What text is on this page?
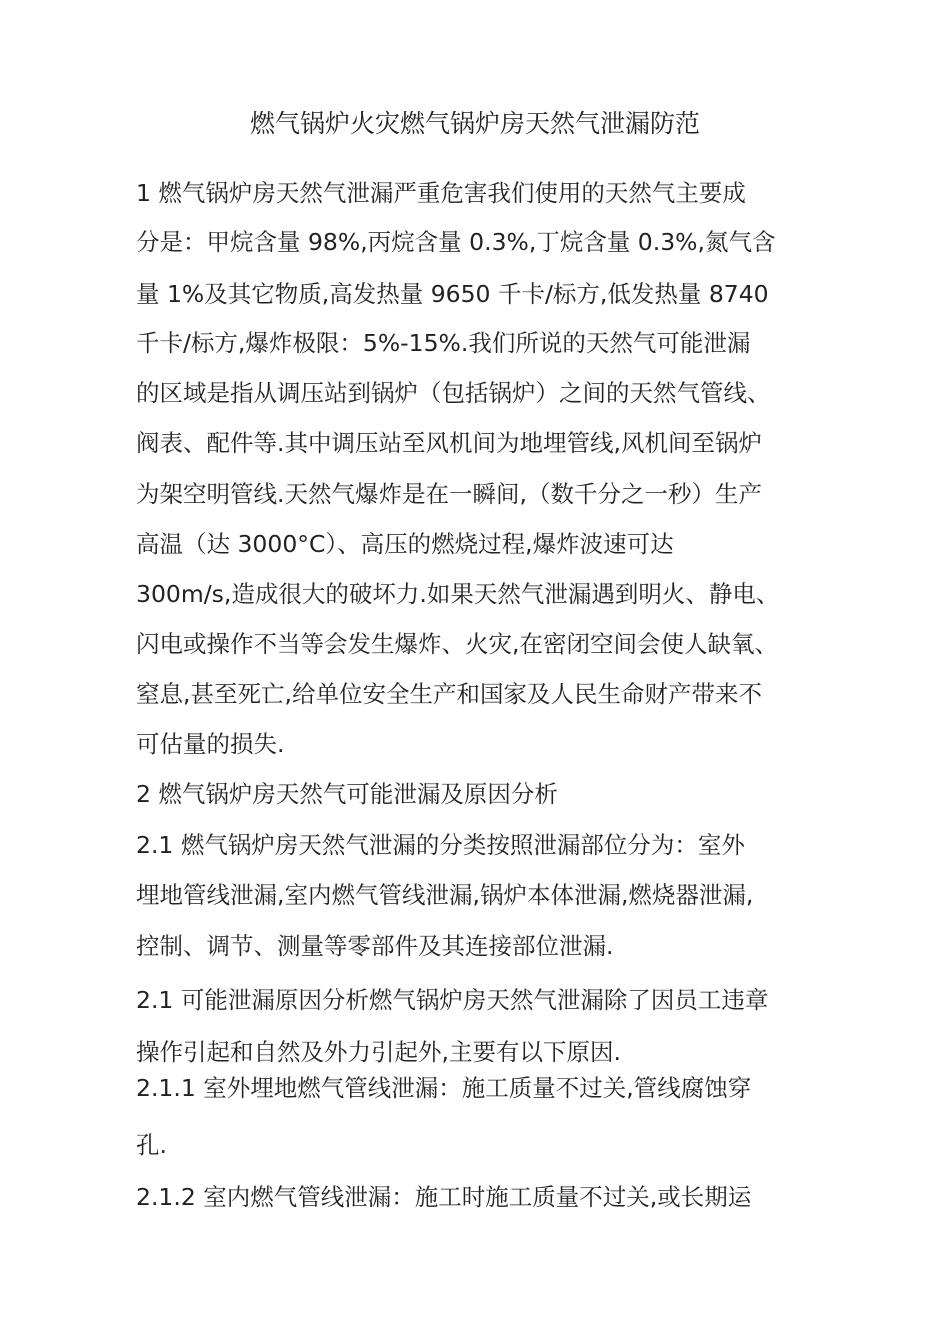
燃气锅炉火灾燃气锅炉房天然气泄漏防范
1 燃气锅炉房天然气泄漏严重危害我们使用的天然气主要成
分是：甲烷含量 98%,丙烷含量 0.3%,丁烷含量 0.3%,氮气含
量 1%及其它物质,高发热量 9650 千卡/标方,低发热量 8740
千卡/标方,爆炸极限：5%-15%.我们所说的天然气可能泄漏
的区域是指从调压站到锅炉（包括锅炉）之间的天然气管线、
阀表、配件等.其中调压站至风机间为地埋管线,风机间至锅炉
为架空明管线.天然气爆炸是在一瞬间,（数千分之一秒）生产
高温（达 3000°C）、高压的燃烧过程,爆炸波速可达
300m/s,造成很大的破坏力.如果天然气泄漏遇到明火、静电、
闪电或操作不当等会发生爆炸、火灾,在密闭空间会使人缺氧、
窒息,甚至死亡,给单位安全生产和国家及人民生命财产带来不
可估量的损失.
2 燃气锅炉房天然气可能泄漏及原因分析
2.1 燃气锅炉房天然气泄漏的分类按照泄漏部位分为：室外
埋地管线泄漏,室内燃气管线泄漏,锅炉本体泄漏,燃烧器泄漏,
控制、调节、测量等零部件及其连接部位泄漏.
2.1 可能泄漏原因分析燃气锅炉房天然气泄漏除了因员工违章
操作引起和自然及外力引起外,主要有以下原因.
2.1.1 室外埋地燃气管线泄漏：施工质量不过关,管线腐蚀穿
孔.
2.1.2 室内燃气管线泄漏：施工时施工质量不过关,或长期运
